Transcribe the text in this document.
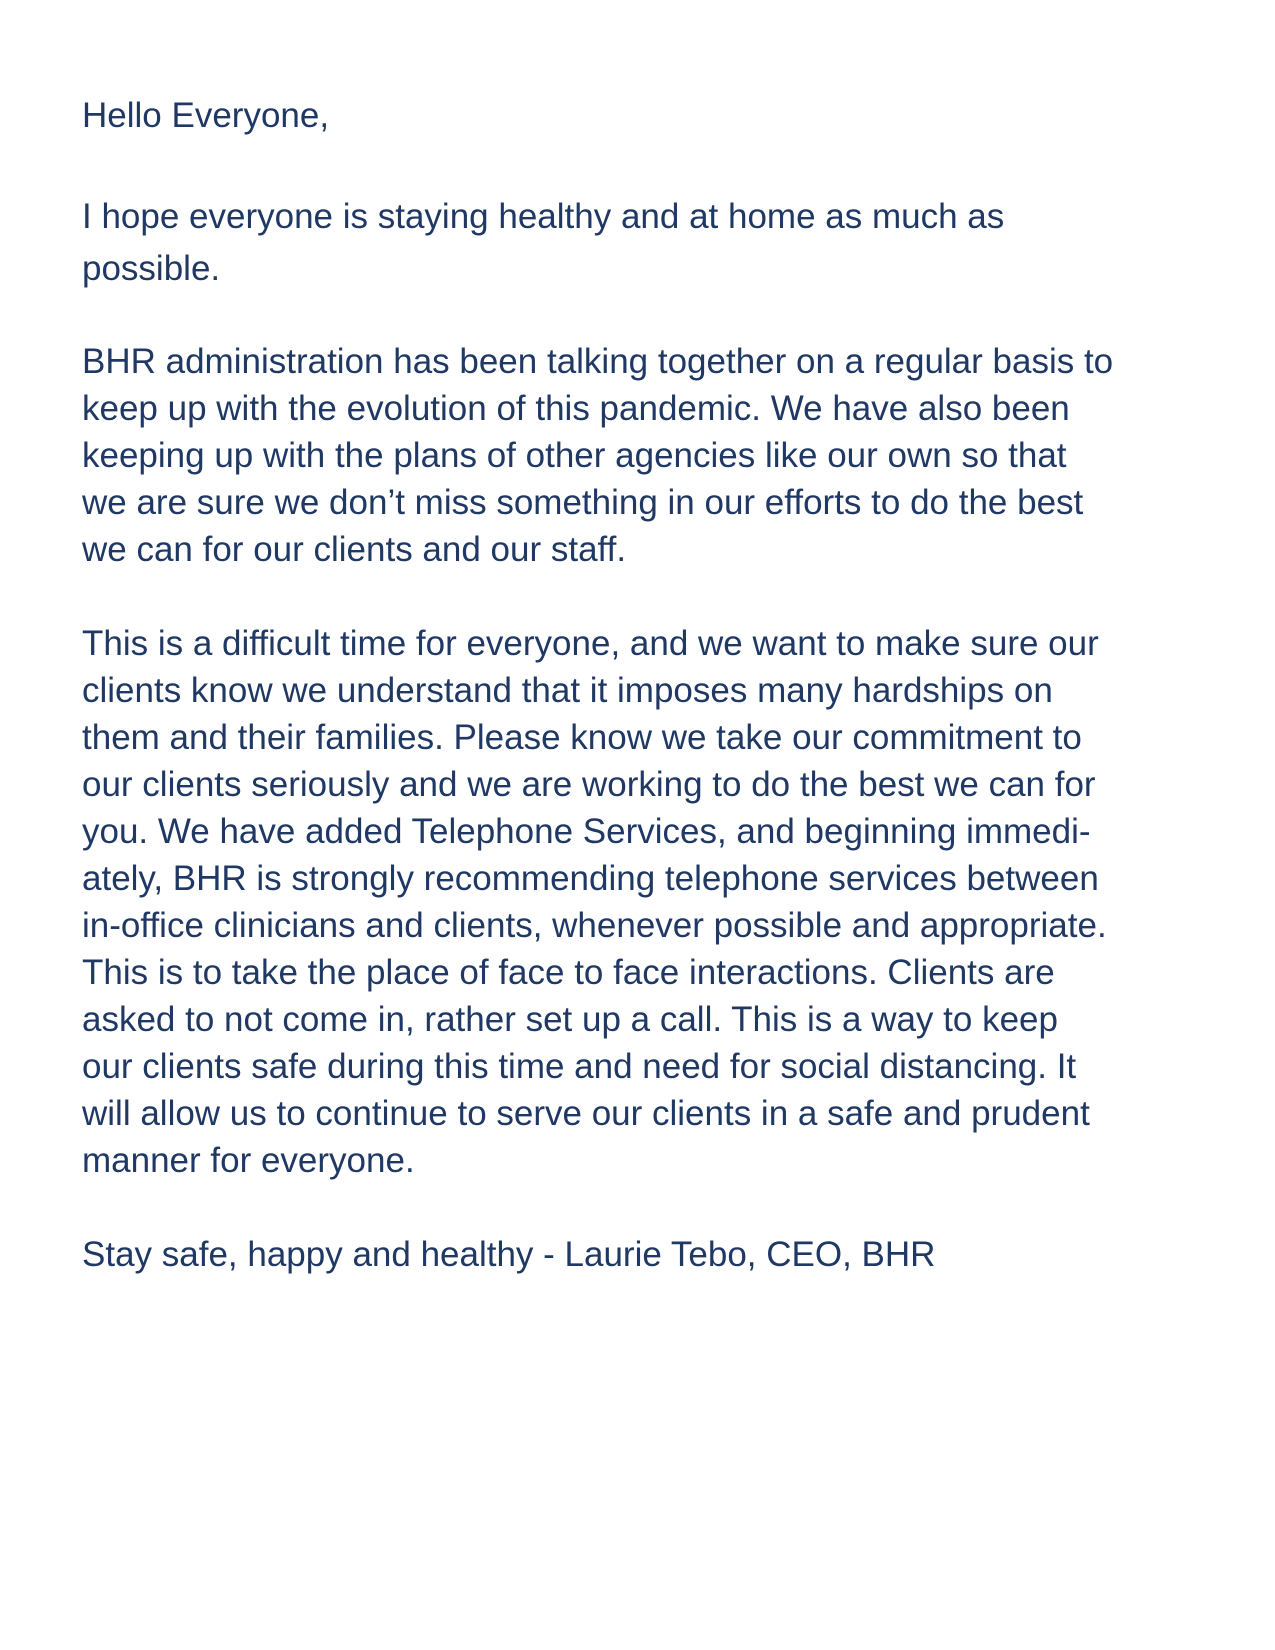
Hello Everyone,

I hope everyone is staying healthy and at home as much as

possible.

BHR administration has been talking together on a regular basis to

keep up with the evolution of this pandemic. We have also been

keeping up with the plans of other agencies like our own so that

we are sure we don’t miss something in our efforts to do the best

we can for our clients and our staff.

This is a difficult time for everyone, and we want to make sure our

clients know we understand that it imposes many hardships on

them and their families. Please know we take our commitment to

our clients seriously and we are working to do the best we can for

you. We have added Telephone Services, and beginning immedi-

ately, BHR is strongly recommending telephone services between

in-office clinicians and clients, whenever possible and appropriate.

This is to take the place of face to face interactions. Clients are

asked to not come in, rather set up a call. This is a way to keep

our clients safe during this time and need for social distancing. It

will allow us to continue to serve our clients in a safe and prudent

manner for everyone.

Stay safe, happy and healthy - Laurie Tebo, CEO, BHR
